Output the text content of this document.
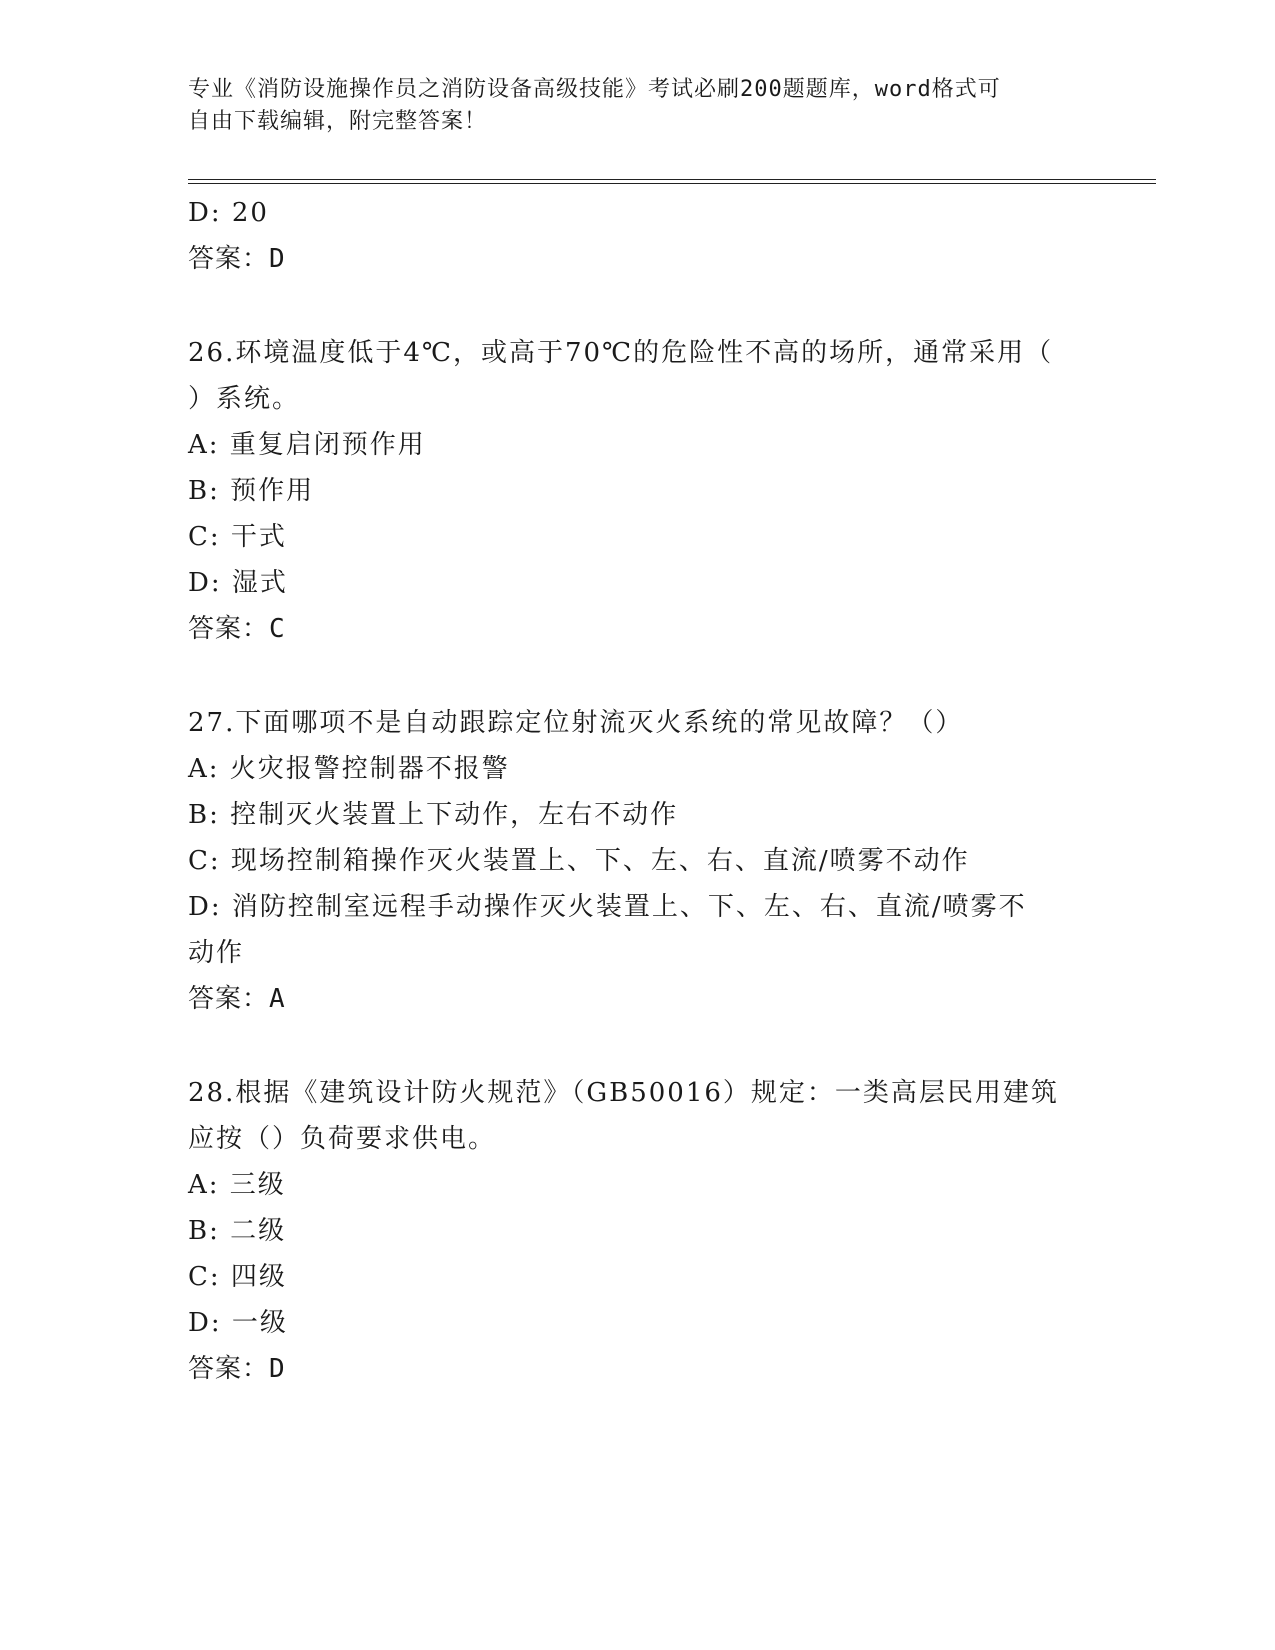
专业《消防设施操作员之消防设备高级技能》考试必刷200题题库，word格式可
自由下载编辑，附完整答案！
D: 20
答案：D
26.环境温度低于4℃，或高于70℃的危险性不高的场所，通常采用（
）系统。
A: 重复启闭预作用
B: 预作用
C: 干式
D: 湿式
答案：C
27.下面哪项不是自动跟踪定位射流灭火系统的常见故障？（）
A: 火灾报警控制器不报警
B: 控制灭火装置上下动作，左右不动作
C: 现场控制箱操作灭火装置上、下、左、右、直流/喷雾不动作
D: 消防控制室远程手动操作灭火装置上、下、左、右、直流/喷雾不
动作
答案：A
28.根据《建筑设计防火规范》（GB50016）规定：一类高层民用建筑
应按（）负荷要求供电。
A: 三级
B: 二级
C: 四级
D: 一级
答案：D
